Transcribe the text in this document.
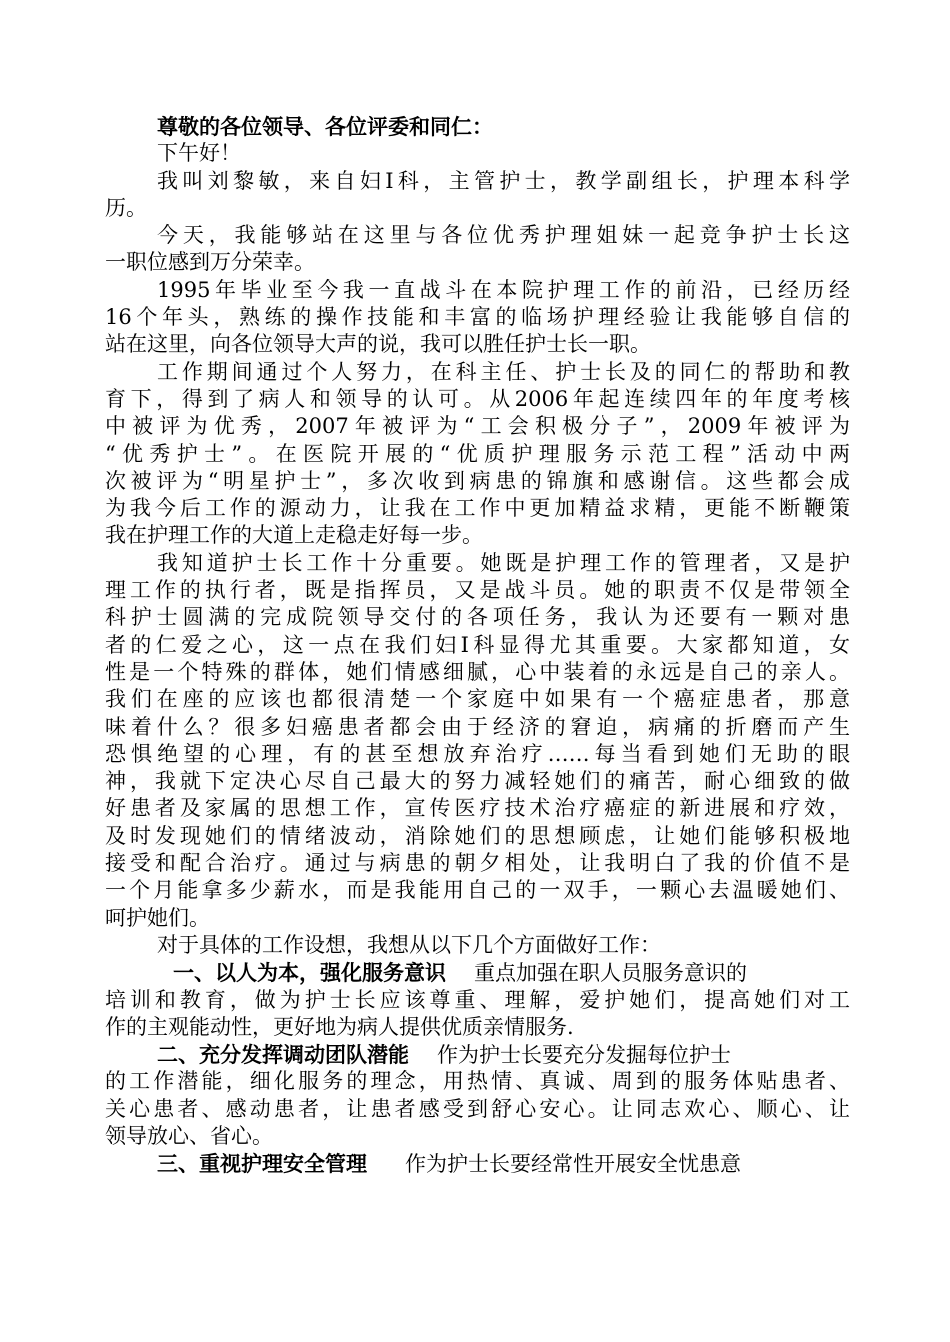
尊敬的各位领导、各位评委和同仁：
下午好！
我叫刘黎敏，来自妇Ⅰ科，主管护士，教学副组长，护理本科学
历。
今天，我能够站在这里与各位优秀护理姐妹一起竞争护士长这
一职位感到万分荣幸。
1995年毕业至今我一直战斗在本院护理工作的前沿，已经历经
16个年头，熟练的操作技能和丰富的临场护理经验让我能够自信的
站在这里，向各位领导大声的说，我可以胜任护士长一职。
工作期间通过个人努力，在科主任、护士长及的同仁的帮助和教
育下，得到了病人和领导的认可。从2006年起连续四年的年度考核
中被评为优秀，2007年被评为“工会积极分子”，2009年被评为
“优秀护士”。在医院开展的“优质护理服务示范工程”活动中两
次被评为“明星护士”，多次收到病患的锦旗和感谢信。这些都会成
为我今后工作的源动力，让我在工作中更加精益求精，更能不断鞭策
我在护理工作的大道上走稳走好每一步。
我知道护士长工作十分重要。她既是护理工作的管理者，又是护
理工作的执行者，既是指挥员，又是战斗员。她的职责不仅是带领全
科护士圆满的完成院领导交付的各项任务，我认为还要有一颗对患
者的仁爱之心，这一点在我们妇Ⅰ科显得尤其重要。大家都知道，女
性是一个特殊的群体，她们情感细腻，心中装着的永远是自己的亲人。
我们在座的应该也都很清楚一个家庭中如果有一个癌症患者，那意
味着什么？很多妇癌患者都会由于经济的窘迫，病痛的折磨而产生
恐惧绝望的心理，有的甚至想放弃治疗……每当看到她们无助的眼
神，我就下定决心尽自己最大的努力减轻她们的痛苦，耐心细致的做
好患者及家属的思想工作，宣传医疗技术治疗癌症的新进展和疗效，
及时发现她们的情绪波动，消除她们的思想顾虑，让她们能够积极地
接受和配合治疗。通过与病患的朝夕相处，让我明白了我的价值不是
一个月能拿多少薪水，而是我能用自己的一双手，一颗心去温暖她们、
呵护她们。
对于具体的工作设想，我想从以下几个方面做好工作：
一、以人为本，强化服务意识 重点加强在职人员服务意识的
培训和教育，做为护士长应该尊重、理解，爱护她们，提高她们对工
作的主观能动性，更好地为病人提供优质亲情服务.
二、充分发挥调动团队潜能 作为护士长要充分发掘每位护士
的工作潜能，细化服务的理念，用热情、真诚、周到的服务体贴患者、
关心患者、感动患者，让患者感受到舒心安心。让同志欢心、顺心、让
领导放心、省心。
三、重视护理安全管理 作为护士长要经常性开展安全忧患意
